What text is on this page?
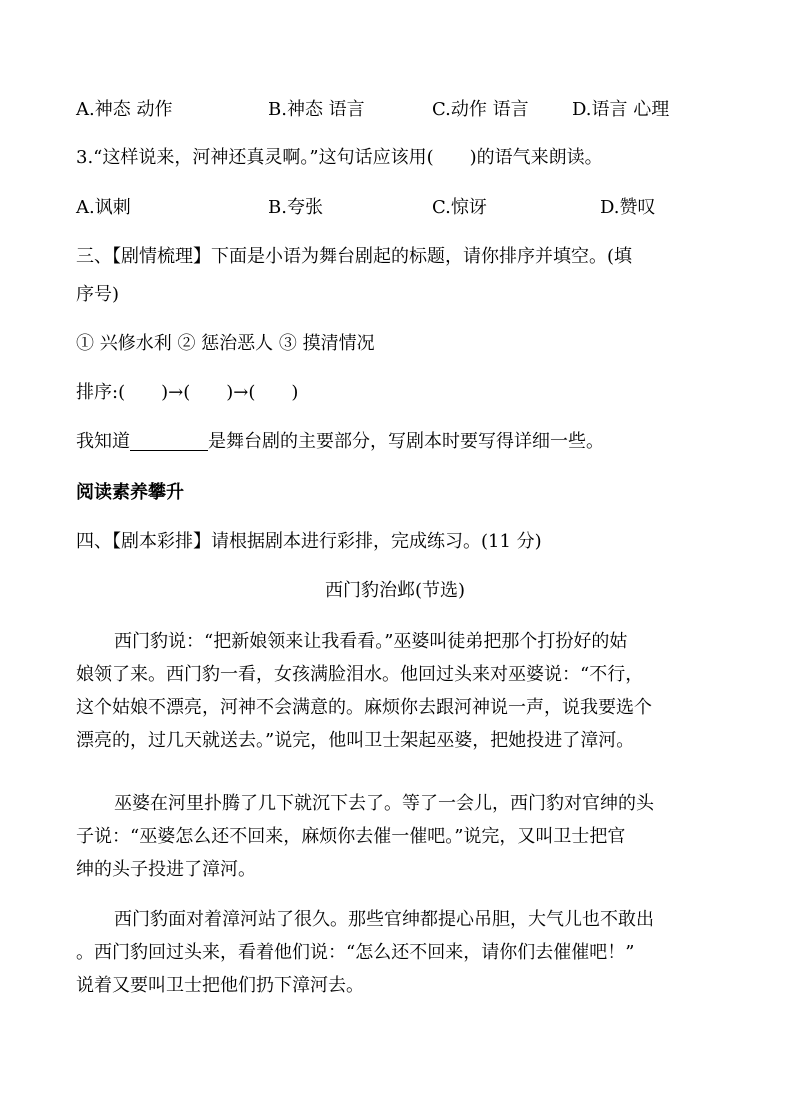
A.神态 动作	B.神态 语言	C.动作 语言 D.语言 心理
3.“这样说来，河神还真灵啊。”这句话应该用(　　)的语气来朗读。
A.讽刺	B.夸张	C.惊讶	D.赞叹
三、【剧情梳理】下面是小语为舞台剧起的标题，请你排序并填空。(填
序号)
① 兴修水利 ② 惩治恶人 ③ 摸清情况
排序:(　　)→(　　)→(　　)
我知道	是舞台剧的主要部分，写剧本时要写得详细一些。
阅读素养攀升
四、【剧本彩排】请根据剧本进行彩排，完成练习。(11 分)
西门豹治邺(节选)
西门豹说：“把新娘领来让我看看。”巫婆叫徒弟把那个打扮好的姑
娘领了来。西门豹一看，女孩满脸泪水。他回过头来对巫婆说：“不行，
这个姑娘不漂亮，河神不会满意的。麻烦你去跟河神说一声，说我要选个
漂亮的，过几天就送去。”说完，他叫卫士架起巫婆，把她投进了漳河。
巫婆在河里扑腾了几下就沉下去了。等了一会儿，西门豹对官绅的头
子说：“巫婆怎么还不回来，麻烦你去催一催吧。”说完，又叫卫士把官
绅的头子投进了漳河。
西门豹面对着漳河站了很久。那些官绅都提心吊胆，大气儿也不敢出
。西门豹回过头来，看着他们说：“怎么还不回来，请你们去催催吧！”
说着又要叫卫士把他们扔下漳河去。
